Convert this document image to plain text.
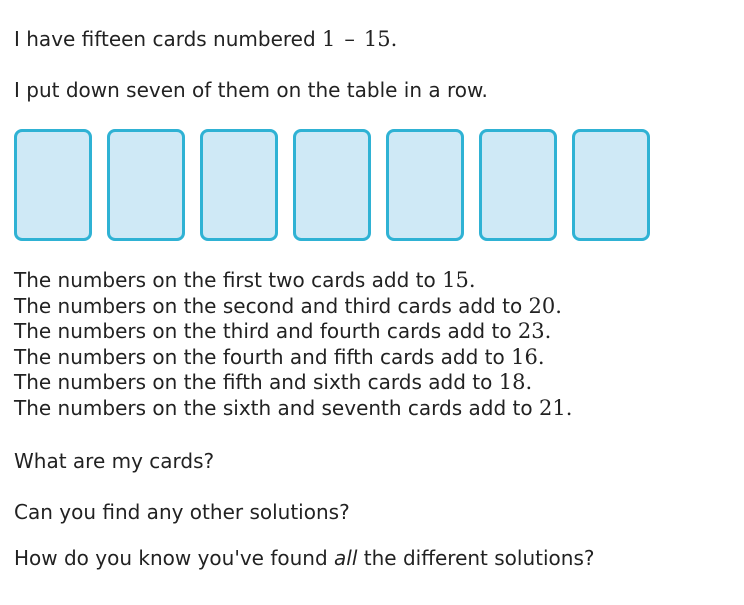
I have fifteen cards numbered 1 – 15.
I put down seven of them on the table in a row.
The numbers on the first two cards add to 15.
The numbers on the second and third cards add to 20.
The numbers on the third and fourth cards add to 23.
The numbers on the fourth and fifth cards add to 16.
The numbers on the fifth and sixth cards add to 18.
The numbers on the sixth and seventh cards add to 21.
What are my cards?
Can you find any other solutions?
How do you know you've found all the different solutions?
